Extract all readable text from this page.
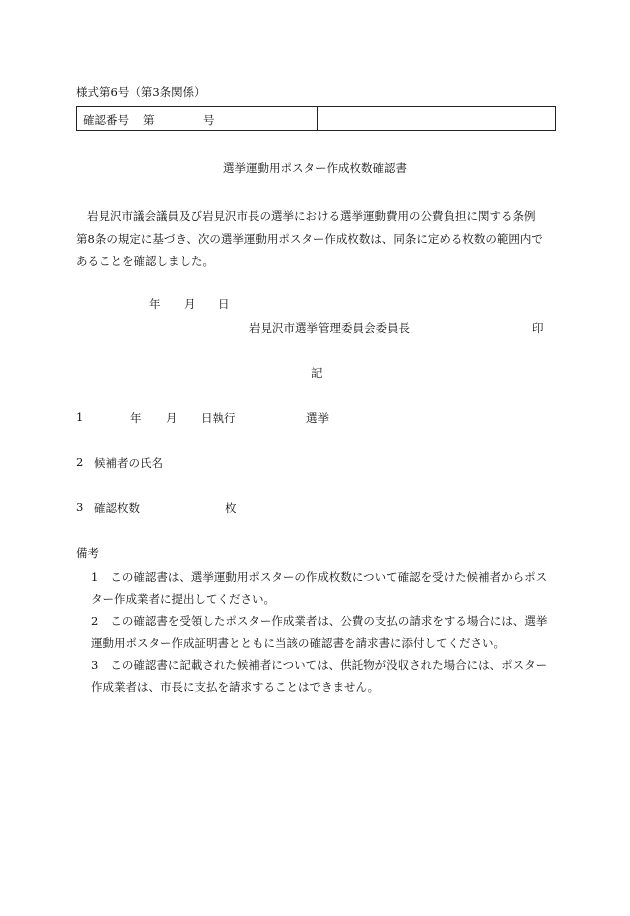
様式第6号（第3条関係）
確認番号 第	号
選挙運動用ポスター作成枚数確認書
岩見沢市議会議員及び岩見沢市長の選挙における選挙運動費用の公費負担に関する条例
第8条の規定に基づき、次の選挙運動用ポスター作成枚数は、同条に定める枚数の範囲内で
あることを確認しました。
年 月 日
岩見沢市選挙管理委員会委員長	印
記
1	年 月 日執行	選挙
2 候補者の氏名
3 確認枚数	枚
備考
1 この確認書は、選挙運動用ポスターの作成枚数について確認を受けた候補者からポス
ター作成業者に提出してください。
2 この確認書を受領したポスター作成業者は、公費の支払の請求をする場合には、選挙
運動用ポスター作成証明書とともに当該の確認書を請求書に添付してください。
3 この確認書に記載された候補者については、供託物が没収された場合には、ポスター
作成業者は、市長に支払を請求することはできません。
